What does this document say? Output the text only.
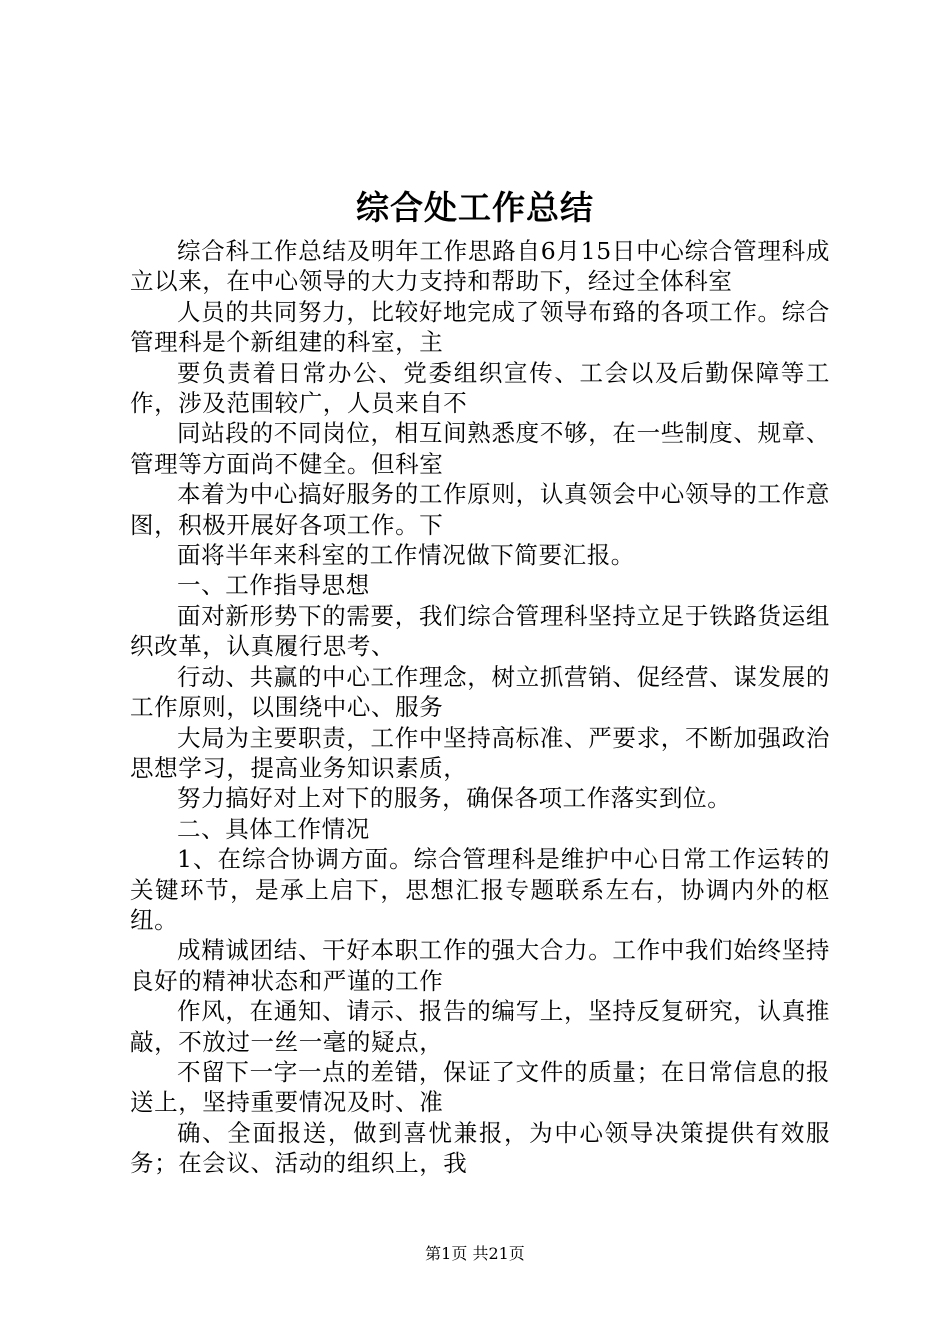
综合处工作总结

综合科工作总结及明年工作思路自6月15日中心综合管理科成立以来，在中心领导的大力支持和帮助下，经过全体科室

人员的共同努力，比较好地完成了领导布臵的各项工作。综合管理科是个新组建的科室，主

要负责着日常办公、党委组织宣传、工会以及后勤保障等工作，涉及范围较广，人员来自不

同站段的不同岗位，相互间熟悉度不够，在一些制度、规章、管理等方面尚不健全。但科室

本着为中心搞好服务的工作原则，认真领会中心领导的工作意图，积极开展好各项工作。下

面将半年来科室的工作情况做下简要汇报。

一、工作指导思想

面对新形势下的需要，我们综合管理科坚持立足于铁路货运组织改革，认真履行思考、

行动、共赢的中心工作理念，树立抓营销、促经营、谋发展的工作原则，以围绕中心、服务

大局为主要职责，工作中坚持高标准、严要求，不断加强政治思想学习，提高业务知识素质，

努力搞好对上对下的服务，确保各项工作落实到位。

二、具体工作情况

1、在综合协调方面。综合管理科是维护中心日常工作运转的关键环节，是承上启下，思想汇报专题联系左右，协调内外的枢纽。

成精诚团结、干好本职工作的强大合力。工作中我们始终坚持良好的精神状态和严谨的工作

作风，在通知、请示、报告的编写上，坚持反复研究，认真推敲，不放过一丝一毫的疑点，

不留下一字一点的差错，保证了文件的质量；在日常信息的报送上，坚持重要情况及时、准

确、全面报送，做到喜忧兼报，为中心领导决策提供有效服务；在会议、活动的组织上，我

第1页 共21页
